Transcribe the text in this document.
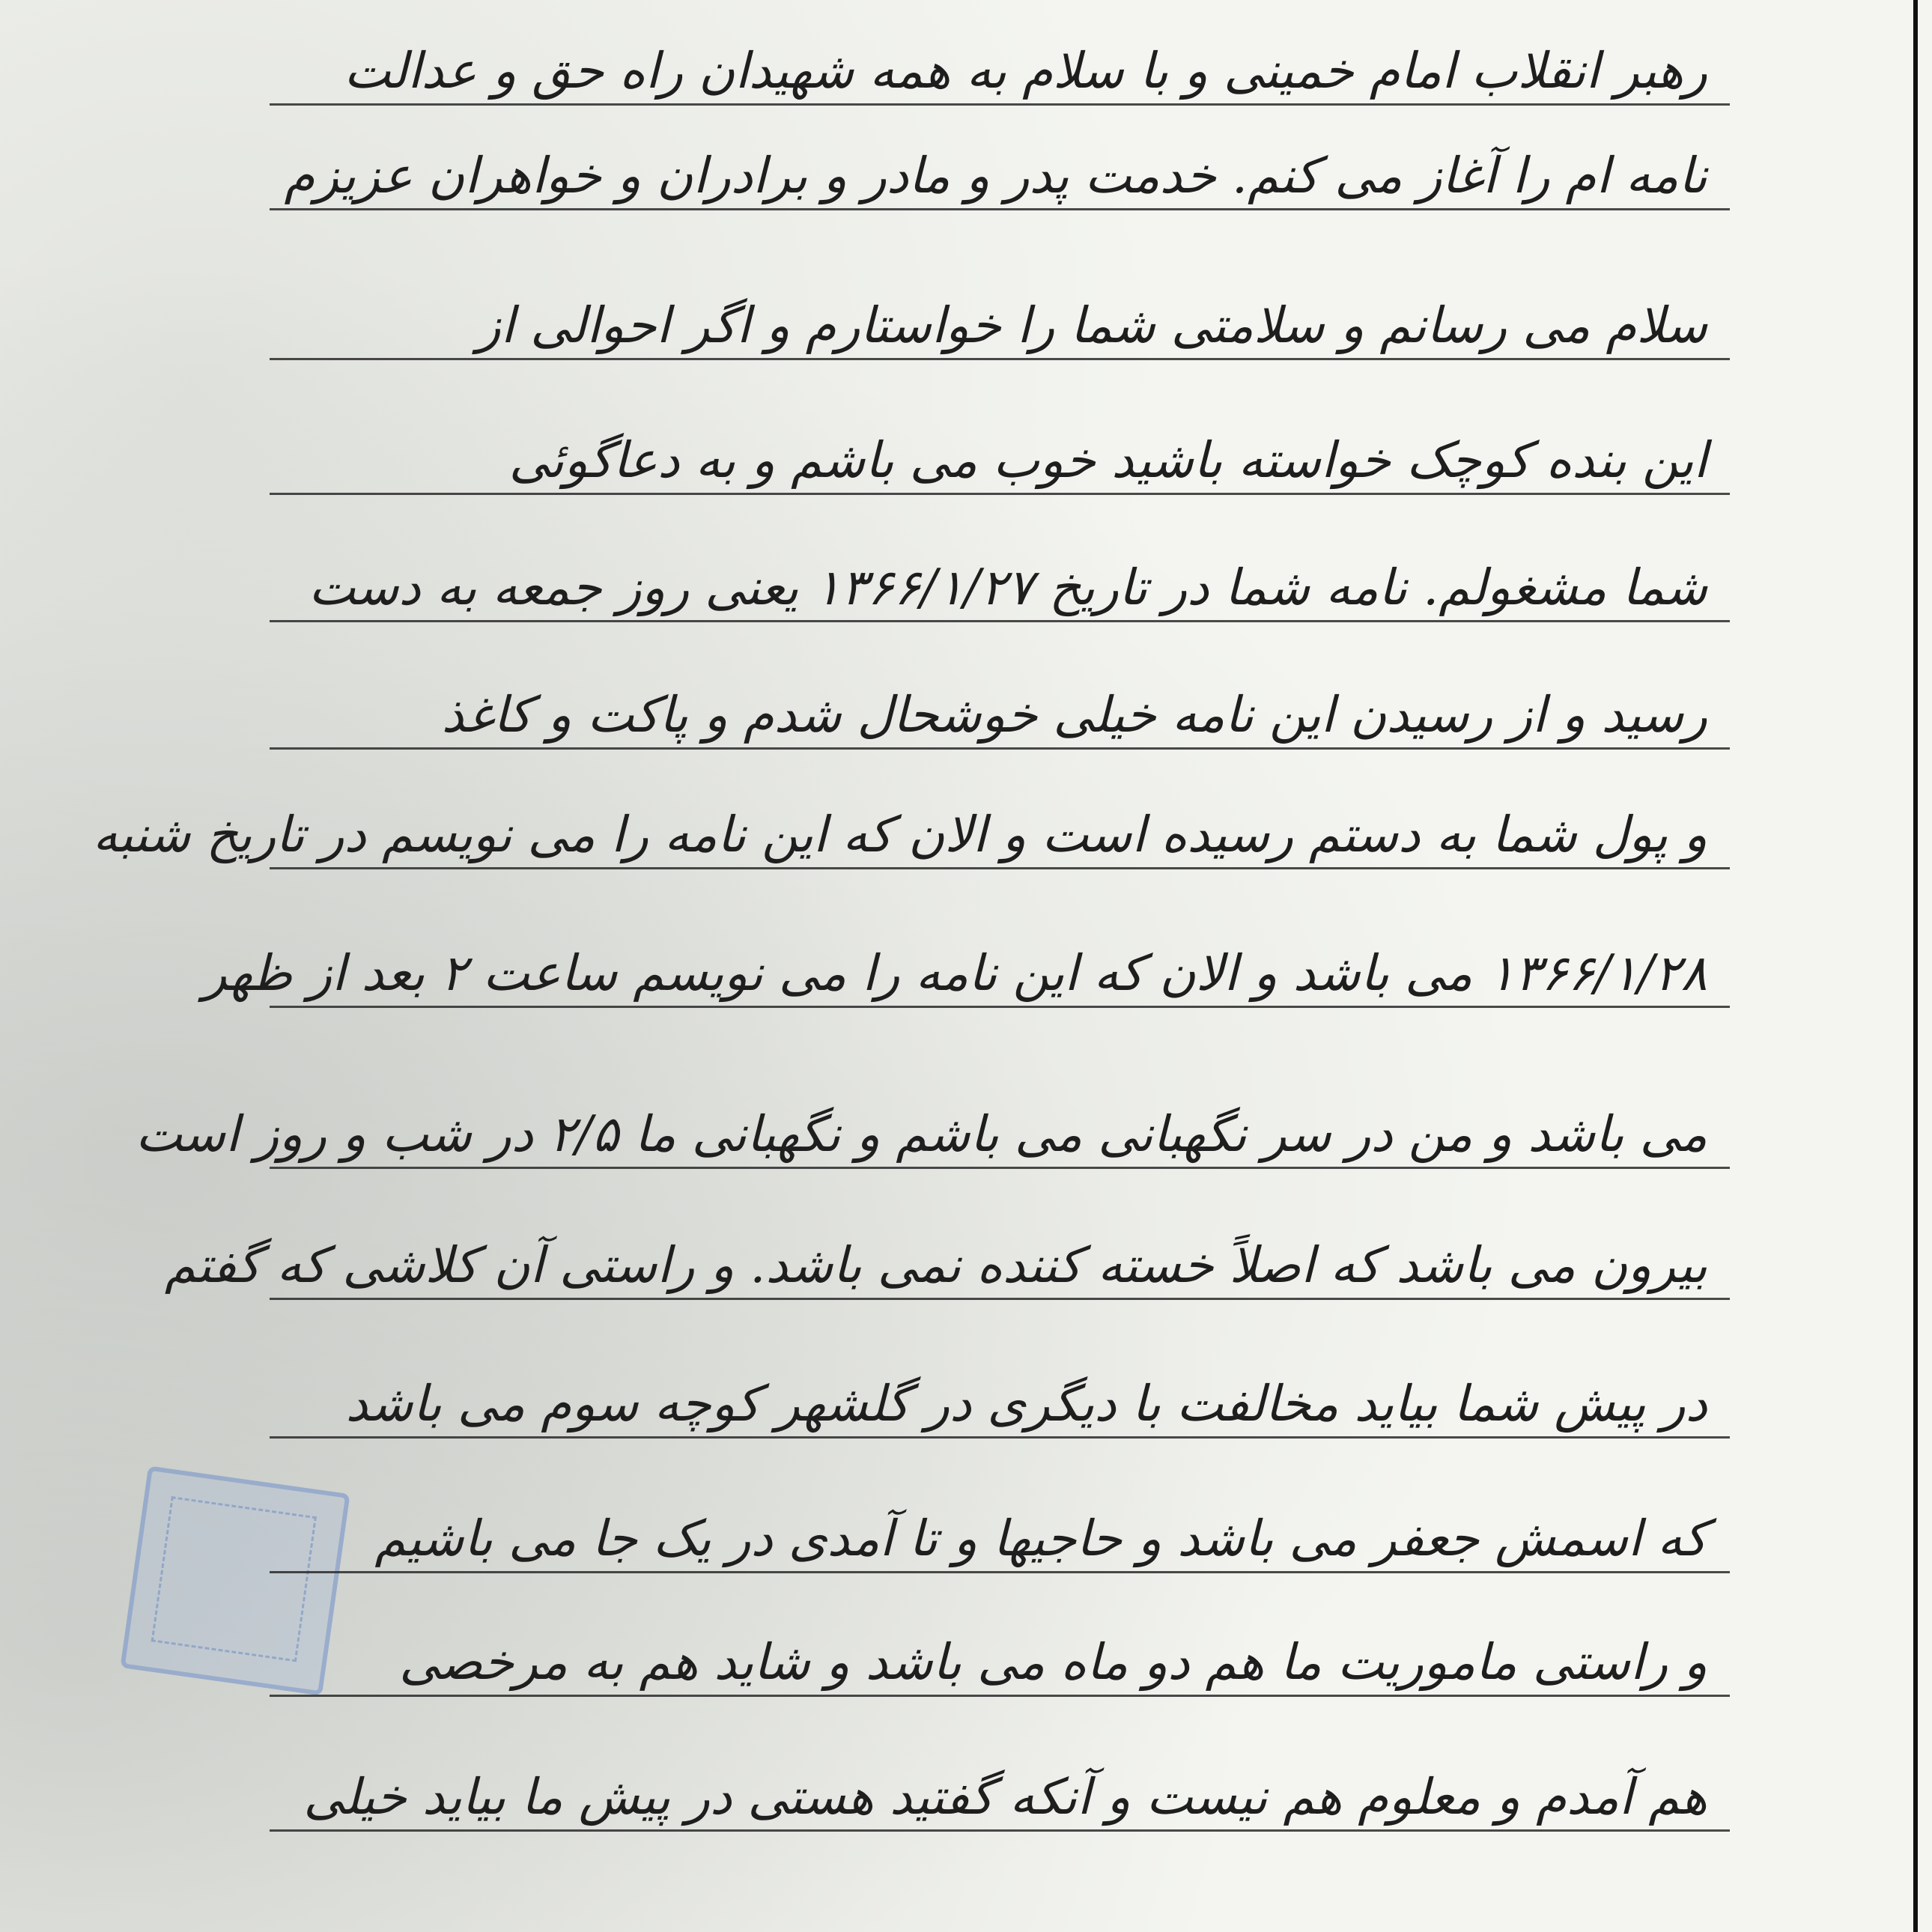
رهبر انقلاب امام خمینی و با سلام به همه شهیدان راه حق و عدالت
نامه ام را آغاز می کنم. خدمت پدر و مادر و برادران و خواهران عزیزم
سلام می رسانم و سلامتی شما را خواستارم و اگر احوالی از
این بنده کوچک خواسته باشید خوب می باشم و به دعاگوئی
شما مشغولم. نامه شما در تاریخ ۱۳۶۶/۱/۲۷ یعنی روز جمعه به دست
رسید و از رسیدن این نامه خیلی خوشحال شدم و پاکت و کاغذ
و پول شما به دستم رسیده است و الان که این نامه را می نویسم در تاریخ شنبه
۱۳۶۶/۱/۲۸ می باشد و الان که این نامه را می نویسم ساعت ۲ بعد از ظهر
می باشد و من در سر نگهبانی می باشم و نگهبانی ما ۲/۵ در شب و روز است
بیرون می باشد که اصلاً خسته کننده نمی باشد. و راستی آن کلاشی که گفتم
در پیش شما بیاید مخالفت با دیگری در گلشهر کوچه سوم می باشد
که اسمش جعفر می باشد و حاجیها و تا آمدی در یک جا می باشیم
و راستی ماموریت ما هم دو ماه می باشد و شاید هم به مرخصی
هم آمدم و معلوم هم نیست و آنکه گفتید هستی در پیش ما بیاید خیلی
